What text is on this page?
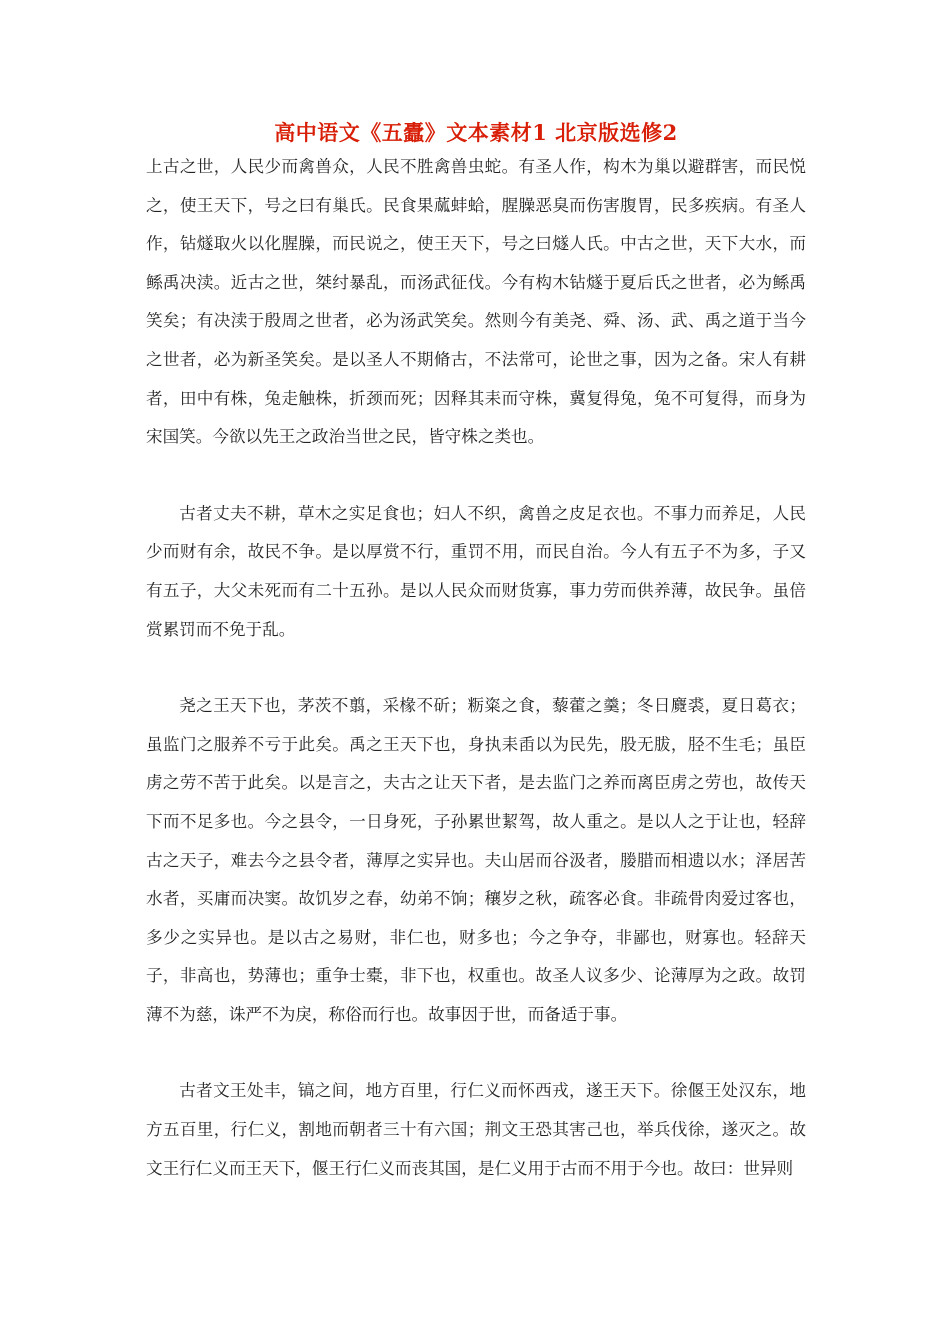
高中语文《五蠹》文本素材1 北京版选修2

上古之世，人民少而禽兽众，人民不胜禽兽虫蛇。有圣人作，构木为巢以避群害，而民悦之，使王天下，号之曰有巢氏。民食果蓏蚌蛤，腥臊恶臭而伤害腹胃，民多疾病。有圣人作，钻燧取火以化腥臊，而民说之，使王天下，号之曰燧人氏。中古之世，天下大水，而鲧禹决渎。近古之世，桀纣暴乱，而汤武征伐。今有构木钻燧于夏后氏之世者，必为鲧禹笑矣；有决渎于殷周之世者，必为汤武笑矣。然则今有美尧、舜、汤、武、禹之道于当今之世者，必为新圣笑矣。是以圣人不期脩古，不法常可，论世之事，因为之备。宋人有耕者，田中有株，兔走触株，折颈而死；因释其耒而守株，冀复得兔，兔不可复得，而身为宋国笑。今欲以先王之政治当世之民，皆守株之类也。

古者丈夫不耕，草木之实足食也；妇人不织，禽兽之皮足衣也。不事力而养足，人民少而财有余，故民不争。是以厚赏不行，重罚不用，而民自治。今人有五子不为多，子又有五子，大父未死而有二十五孙。是以人民众而财货寡，事力劳而供养薄，故民争。虽倍赏累罚而不免于乱。

尧之王天下也，茅茨不翦，采椽不斫；粝粢之食，藜藿之羹；冬日麑裘，夏日葛衣；虽监门之服养不亏于此矣。禹之王天下也，身执耒臿以为民先，股无胈，胫不生毛；虽臣虏之劳不苦于此矣。以是言之，夫古之让天下者，是去监门之养而离臣虏之劳也，故传天下而不足多也。今之县令，一日身死，子孙累世絜驾，故人重之。是以人之于让也，轻辞古之天子，难去今之县令者，薄厚之实异也。夫山居而谷汲者，媵腊而相遗以水；泽居苦水者，买庸而决窦。故饥岁之春，幼弟不饷；穰岁之秋，疏客必食。非疏骨肉爱过客也，多少之实异也。是以古之易财，非仁也，财多也；今之争夺，非鄙也，财寡也。轻辞天子，非高也，势薄也；重争士橐，非下也，权重也。故圣人议多少、论薄厚为之政。故罚薄不为慈，诛严不为戾，称俗而行也。故事因于世，而备适于事。

古者文王处丰，镐之间，地方百里，行仁义而怀西戎，遂王天下。徐偃王处汉东，地方五百里，行仁义，割地而朝者三十有六国；荆文王恐其害己也，举兵伐徐，遂灭之。故文王行仁义而王天下，偃王行仁义而丧其国，是仁义用于古而不用于今也。故曰：世异则
